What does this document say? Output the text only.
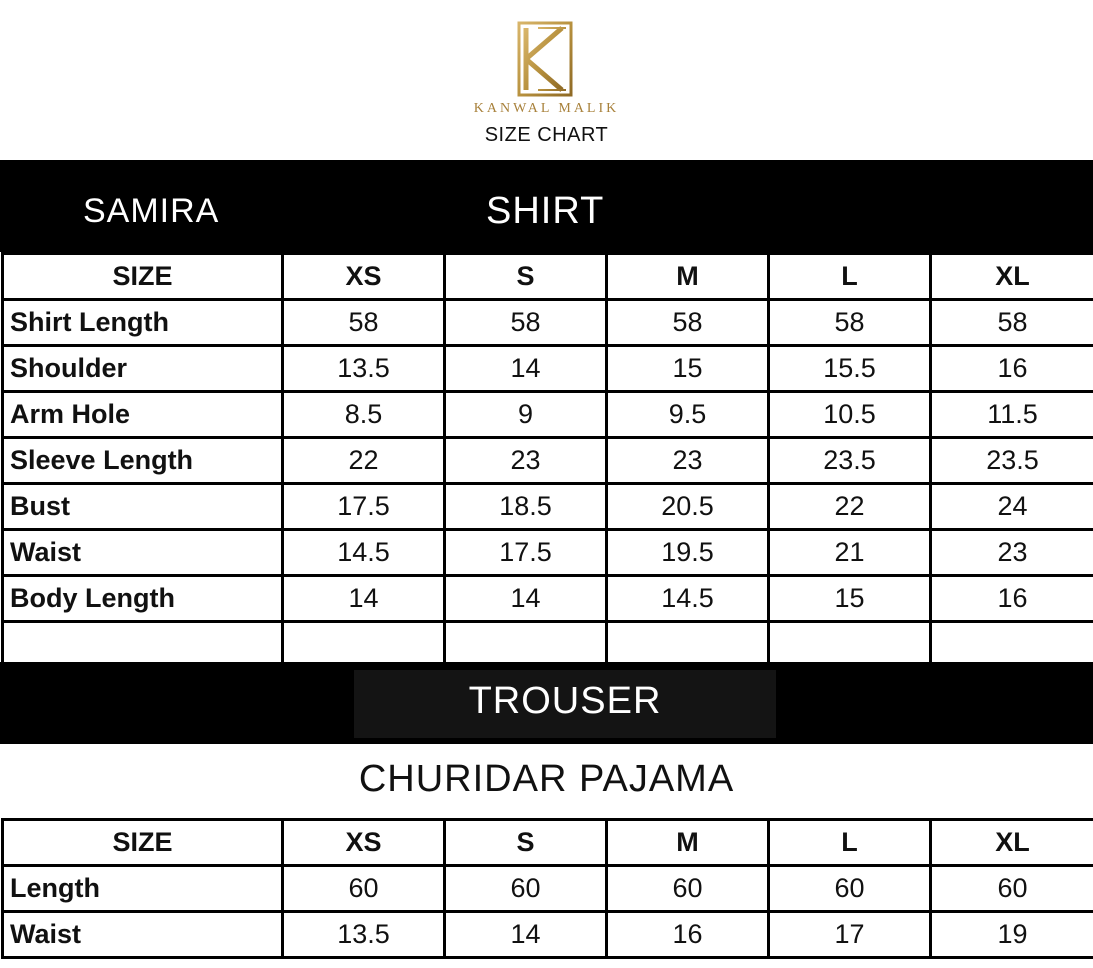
KANWAL MALIK
SIZE CHART
SAMIRA	SHIRT
SIZE	XS	S	M	L	XL
Shirt Length	58	58	58	58	58
Shoulder	13.5	14	15	15.5	16
Arm Hole	8.5	9	9.5	10.5	11.5
Sleeve Length	22	23	23	23.5	23.5
Bust	17.5	18.5	20.5	22	24
Waist	14.5	17.5	19.5	21	23
Body Length	14	14	14.5	15	16

TROUSER
CHURIDAR PAJAMA
SIZE	XS	S	M	L	XL
Length	60	60	60	60	60
Waist	13.5	14	16	17	19
